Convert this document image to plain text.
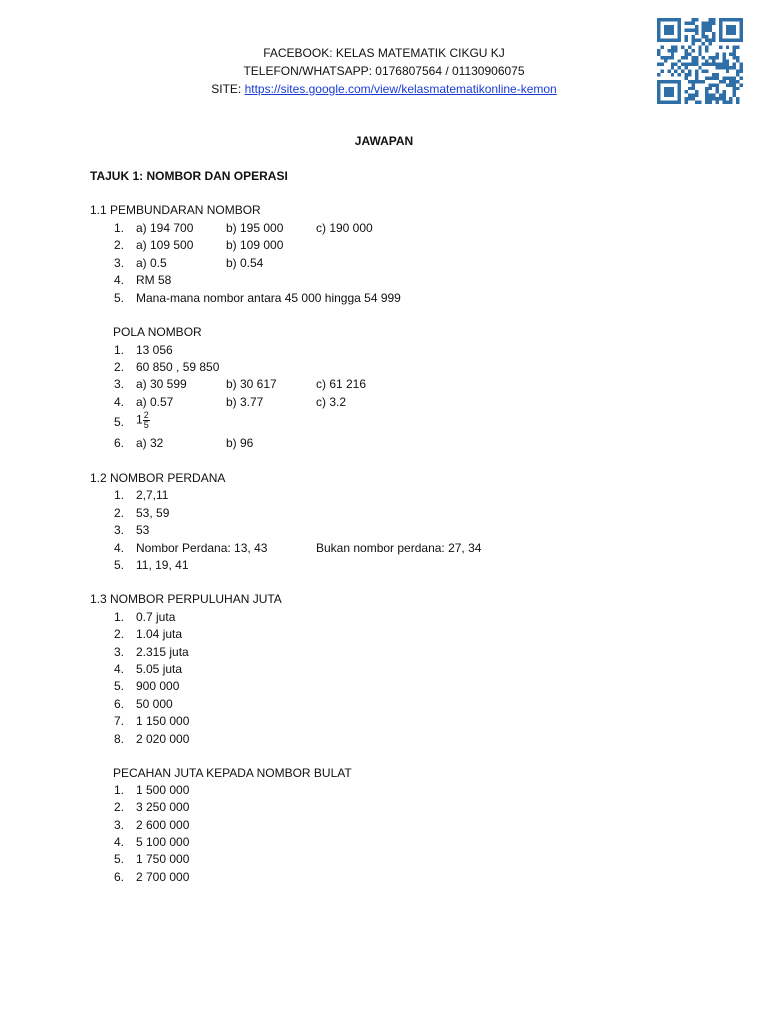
FACEBOOK: KELAS MATEMATIK CIKGU KJ
TELEFON/WHATSAPP: 0176807564 / 01130906075
SITE: https://sites.google.com/view/kelasmatematikonline-kemon
JAWAPAN
TAJUK 1: NOMBOR DAN OPERASI
1.1 PEMBUNDARAN NOMBOR
1. a) 194 700	b) 195 000	c) 190 000
2. a) 109 500	b) 109 000
3. a) 0.5	b) 0.54
4. RM 58
5. Mana-mana nombor antara 45 000 hingga 54 999
POLA NOMBOR
1. 13 056
2. 60 850 , 59 850
3. a) 30 599	b) 30 617	c) 61 216
4. a) 0.57	b) 3.77	c) 3.2
5. $1 \frac{2}{5}$
6. a) 32	b) 96
1.2 NOMBOR PERDANA
1. 2,7,11
2. 53, 59
3. 53
4. Nombor Perdana: 13, 43	Bukan nombor perdana: 27, 34
5. 11, 19, 41
1.3 NOMBOR PERPULUHAN JUTA
1. 0.7 juta
2. 1.04 juta
3. 2.315 juta
4. 5.05 juta
5. 900 000
6. 50 000
7. 1 150 000
8. 2 020 000
PECAHAN JUTA KEPADA NOMBOR BULAT
1. 1 500 000
2. 3 250 000
3. 2 600 000
4. 5 100 000
5. 1 750 000
6. 2 700 000
